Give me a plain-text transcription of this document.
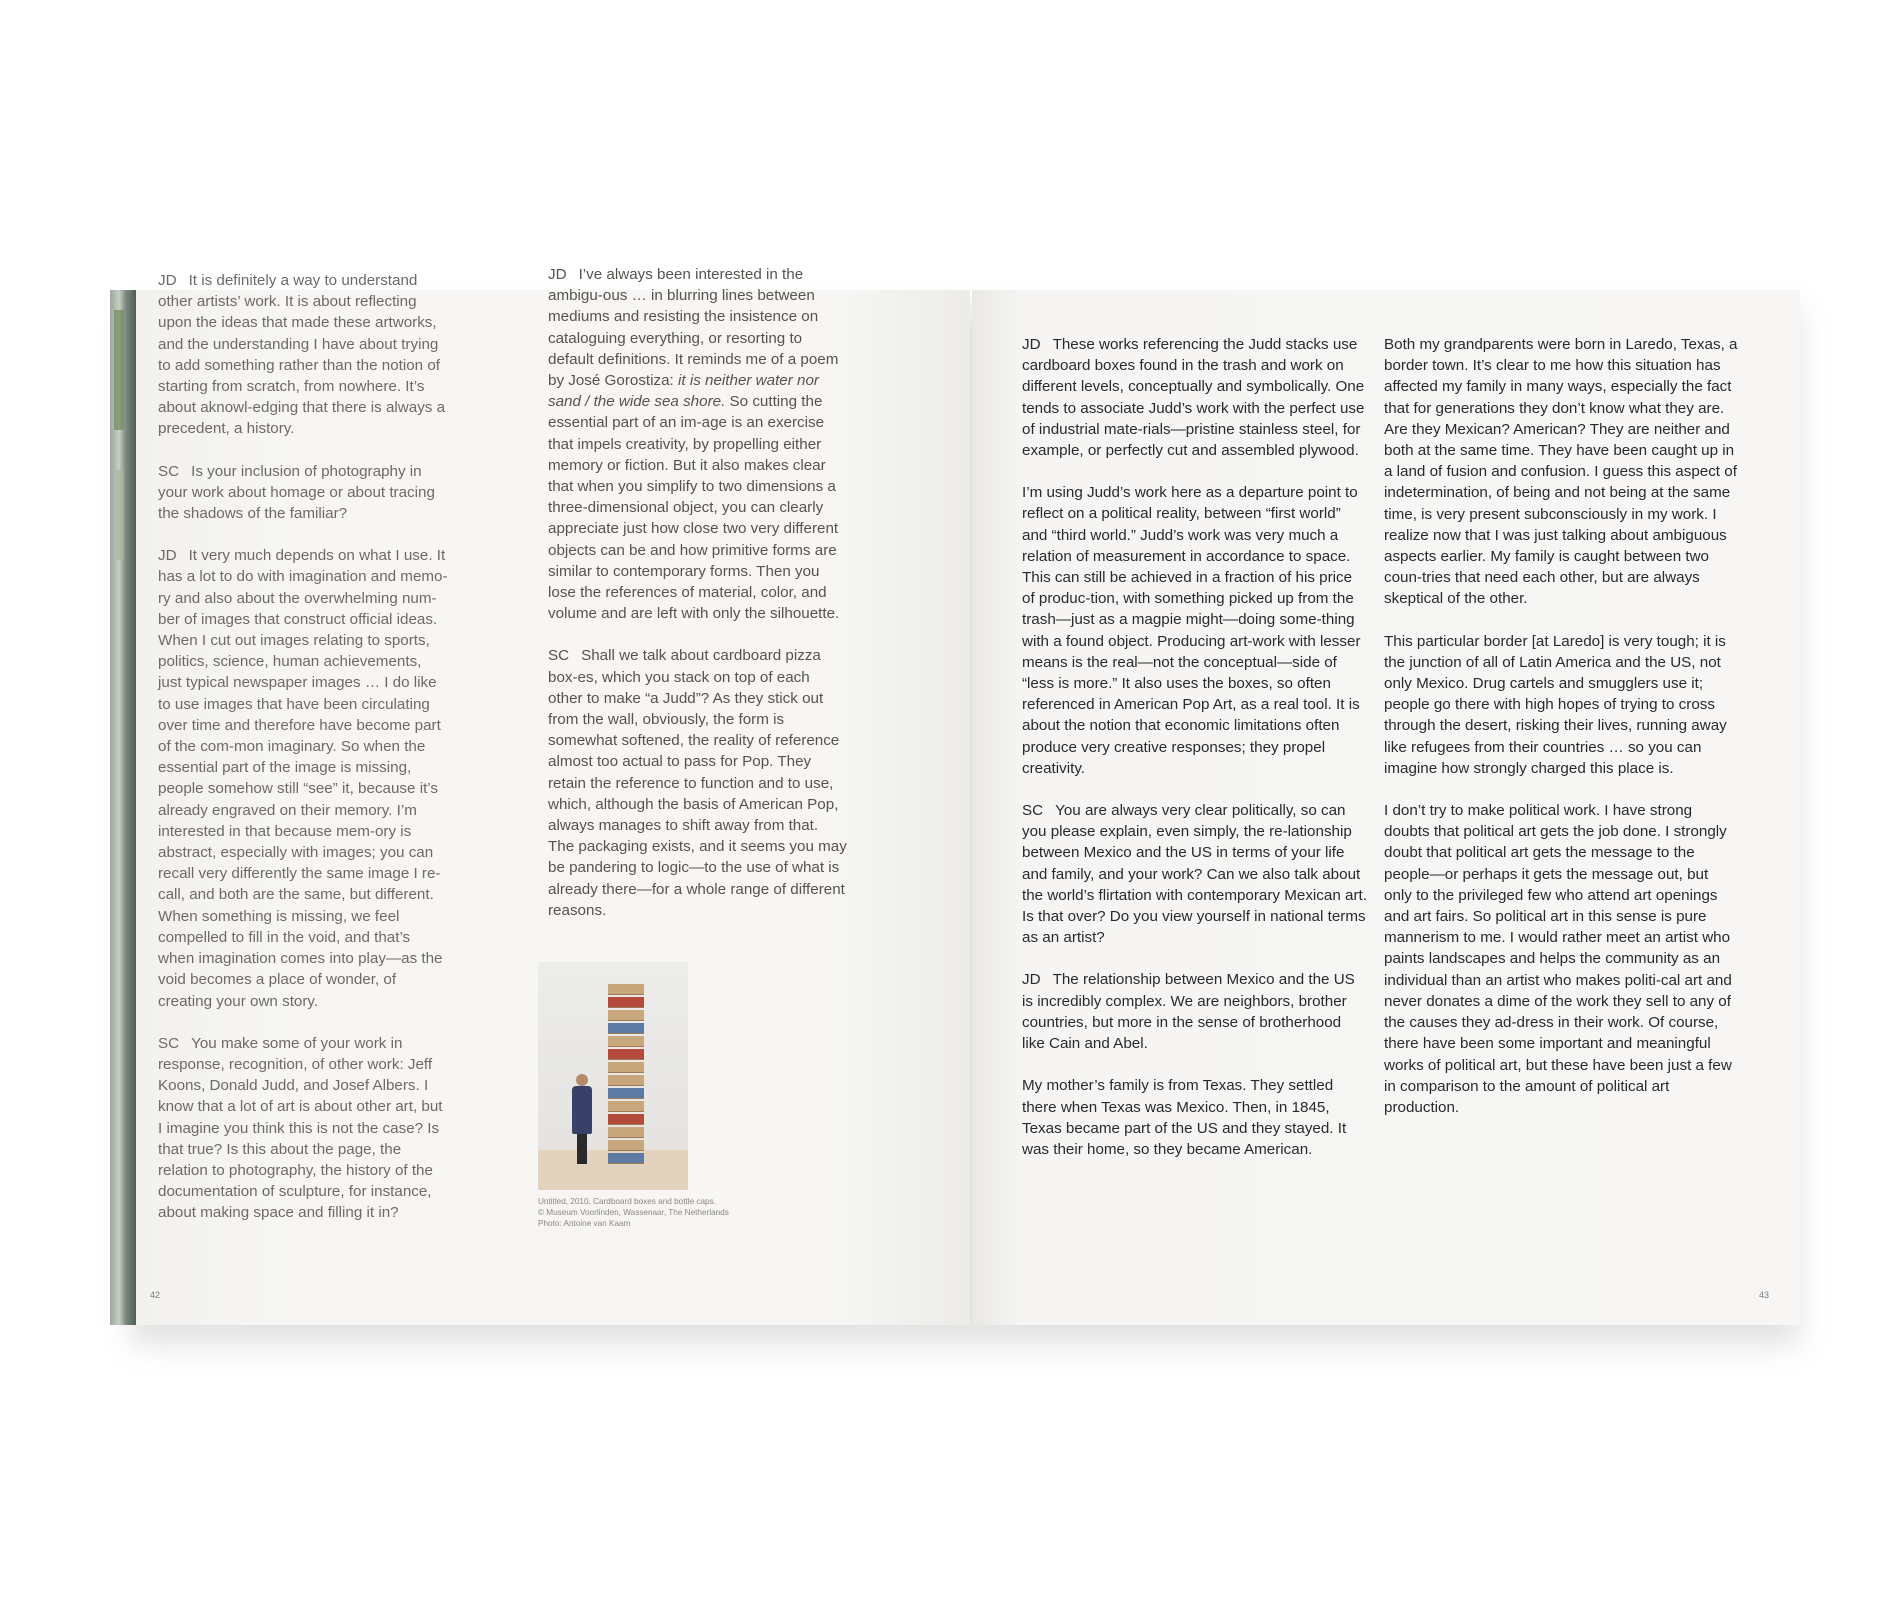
JD It is definitely a way to understand other artists’ work. It is about reflecting upon the ideas that made these artworks, and the understanding I have about trying to add something rather than the notion of starting from scratch, from nowhere. It’s about aknowl-edging that there is always a precedent, a history.

SC Is your inclusion of photography in your work about homage or about tracing the shadows of the familiar?

JD It very much depends on what I use. It has a lot to do with imagination and memo-ry and also about the overwhelming num-ber of images that construct official ideas. When I cut out images relating to sports, politics, science, human achievements, just typical newspaper images … I do like to use images that have been circulating over time and therefore have become part of the com-mon imaginary. So when the essential part of the image is missing, people somehow still “see” it, because it’s already engraved on their memory. I’m interested in that because mem-ory is abstract, especially with images; you can recall very differently the same image I re-call, and both are the same, but different. When something is missing, we feel compelled to fill in the void, and that’s when imagination comes into play—as the void becomes a place of wonder, of creating your own story.

SC You make some of your work in response, recognition, of other work: Jeff Koons, Donald Judd, and Josef Albers. I know that a lot of art is about other art, but I imagine you think this is not the case? Is that true? Is this about the page, the relation to photography, the history of the documentation of sculpture, for instance, about making space and filling it in?

JD I’ve always been interested in the ambigu-ous … in blurring lines between mediums and resisting the insistence on cataloguing everything, or resorting to default definitions. It reminds me of a poem by José Gorostiza: it is neither water nor sand / the wide sea shore. So cutting the essential part of an im-age is an exercise that impels creativity, by propelling either memory or fiction. But it also makes clear that when you simplify to two dimensions a three-dimensional object, you can clearly appreciate just how close two very different objects can be and how primitive forms are similar to contemporary forms. Then you lose the references of material, color, and volume and are left with only the silhouette.

SC Shall we talk about cardboard pizza box-es, which you stack on top of each other to make “a Judd”? As they stick out from the wall, obviously, the form is somewhat softened, the reality of reference almost too actual to pass for Pop. They retain the reference to function and to use, which, although the basis of American Pop, always manages to shift away from that. The packaging exists, and it seems you may be pandering to logic—to the use of what is already there—for a whole range of different reasons.

Untitled, 2010. Cardboard boxes and bottle caps.
© Museum Voorlinden, Wassenaar, The Netherlands
Photo: Antoine van Kaam
42

JD These works referencing the Judd stacks use cardboard boxes found in the trash and work on different levels, conceptually and symbolically. One tends to associate Judd’s work with the perfect use of industrial mate-rials—pristine stainless steel, for example, or perfectly cut and assembled plywood.

I’m using Judd’s work here as a departure point to reflect on a political reality, between “first world” and “third world.” Judd’s work was very much a relation of measurement in accordance to space. This can still be achieved in a fraction of his price of produc-tion, with something picked up from the trash—just as a magpie might—doing some-thing with a found object. Producing art-work with lesser means is the real—not the conceptual—side of “less is more.” It also uses the boxes, so often referenced in American Pop Art, as a real tool. It is about the notion that economic limitations often produce very creative responses; they propel creativity.

SC You are always very clear politically, so can you please explain, even simply, the re-lationship between Mexico and the US in terms of your life and family, and your work? Can we also talk about the world’s flirtation with contemporary Mexican art. Is that over? Do you view yourself in national terms as an artist?

JD The relationship between Mexico and the US is incredibly complex. We are neighbors, brother countries, but more in the sense of brotherhood like Cain and Abel.

My mother’s family is from Texas. They settled there when Texas was Mexico. Then, in 1845, Texas became part of the US and they stayed. It was their home, so they became American.

Both my grandparents were born in Laredo, Texas, a border town. It’s clear to me how this situation has affected my family in many ways, especially the fact that for generations they don’t know what they are. Are they Mexican? American? They are neither and both at the same time. They have been caught up in a land of fusion and confusion. I guess this aspect of indetermination, of being and not being at the same time, is very present subconsciously in my work. I realize now that I was just talking about ambiguous aspects earlier. My family is caught between two coun-tries that need each other, but are always skeptical of the other.

This particular border [at Laredo] is very tough; it is the junction of all of Latin America and the US, not only Mexico. Drug cartels and smugglers use it; people go there with high hopes of trying to cross through the desert, risking their lives, running away like refugees from their countries … so you can imagine how strongly charged this place is.

I don’t try to make political work. I have strong doubts that political art gets the job done. I strongly doubt that political art gets the message to the people—or perhaps it gets the message out, but only to the privileged few who attend art openings and art fairs. So political art in this sense is pure mannerism to me. I would rather meet an artist who paints landscapes and helps the community as an individual than an artist who makes politi-cal art and never donates a dime of the work they sell to any of the causes they ad-dress in their work. Of course, there have been some important and meaningful works of political art, but these have been just a few in comparison to the amount of political art production.

43
